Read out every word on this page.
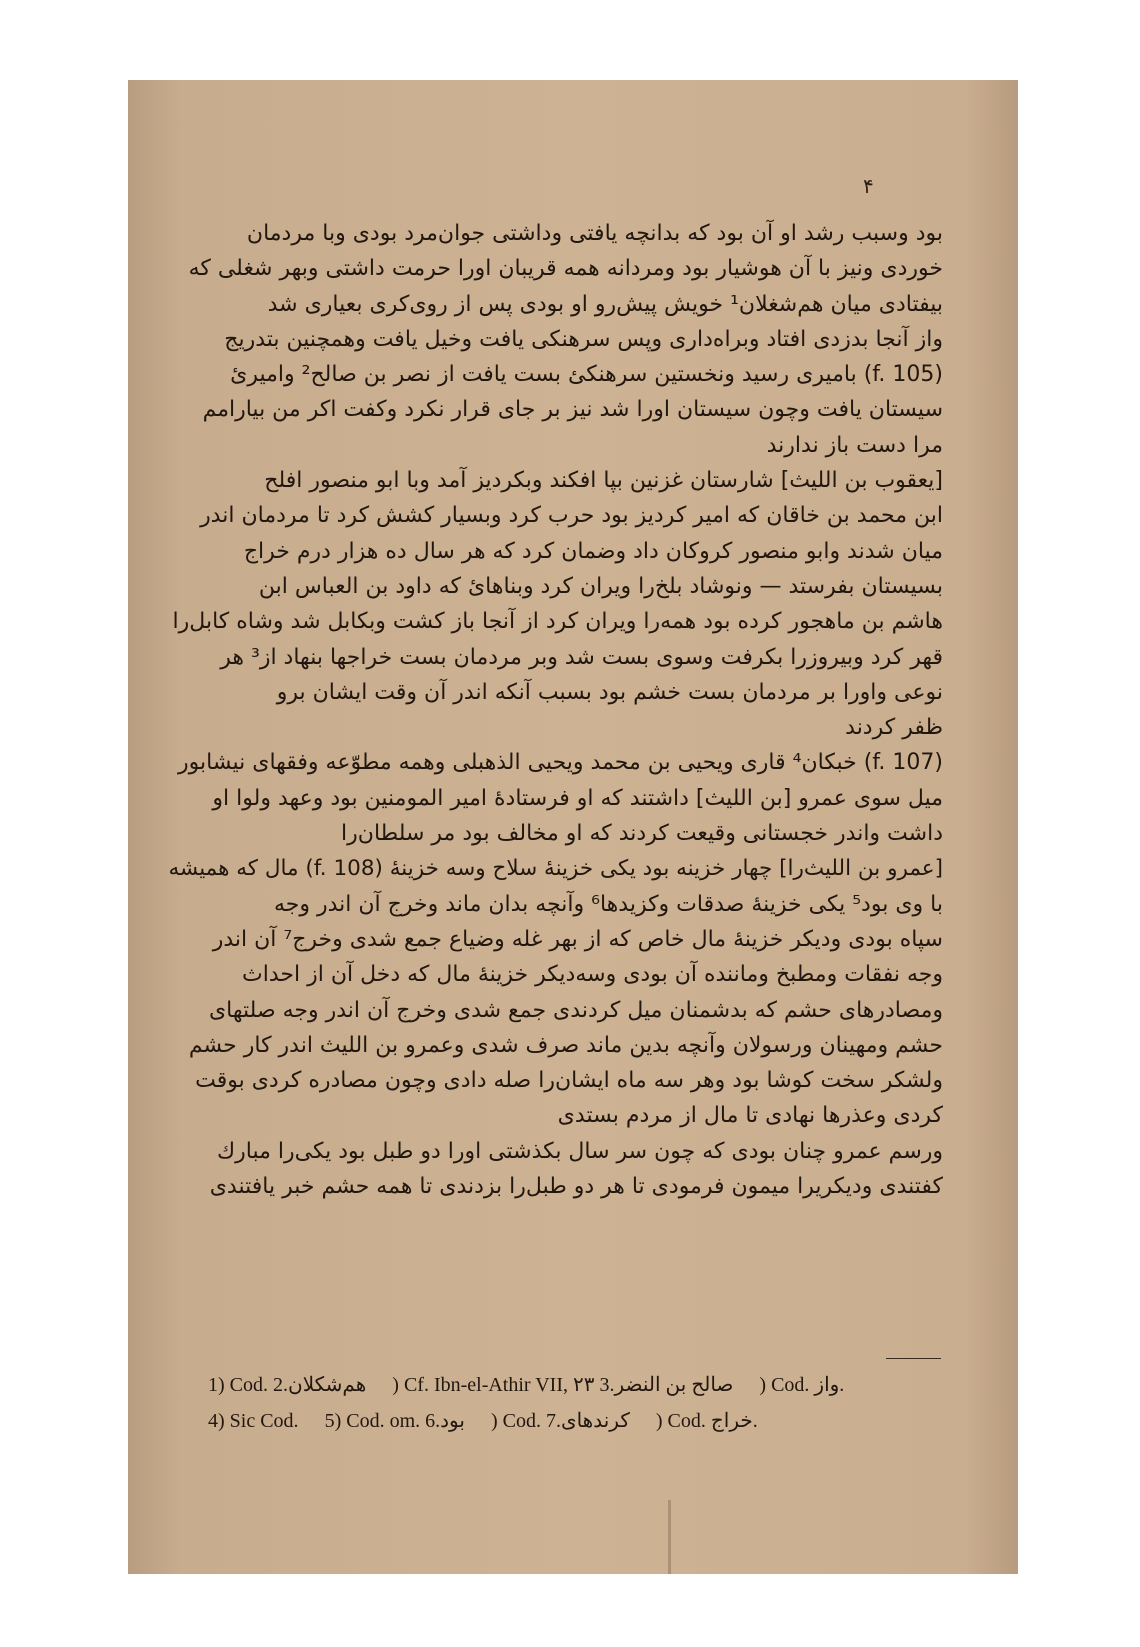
۴
بود وسبب رشد او آن بود که بدانچه یافتی وداشتی جوان‌مرد بودی وبا مردمان
خوردی ونیز با آن هوشیار بود ومردانه همه قریبان اورا حرمت داشتی وبهر شغلی که
بیفتادی میان هم‌شغلان¹ خویش پیش‌رو او بودی پس از روی‌کری بعیاری شد
واز آنجا بدزدی افتاد وبراه‌داری وپس سرهنکی یافت وخیل یافت وهمچنین بتدریج
(f. 105) بامیری رسید ونخستین سرهنکئ بست یافت از نصر بن صالح² وامیرئ
سیستان یافت وچون سیستان اورا شد نیز بر جای قرار نکرد وکفت اکر من بیارامم
مرا دست باز ندارند
[یعقوب بن اللیث] شارستان غزنین بپا افکند وبکردیز آمد وبا ابو منصور افلح
ابن محمد بن خاقان که امیر کردیز بود حرب کرد وبسیار کشش کرد تا مردمان اندر
میان شدند وابو منصور کروکان داد وضمان کرد که هر سال ده هزار درم خراج
بسیستان بفرستد — ونوشاد بلخ‌را ویران کرد وبناهائ که داود بن العباس ابن
هاشم بن ماهجور کرده بود همه‌را ویران کرد از آنجا باز کشت وبکابل شد وشاه کابل‌را
قهر کرد وبیروزرا بکرفت وسوی بست شد وبر مردمان بست خراجها بنهاد از³ هر
نوعی واورا بر مردمان بست خشم بود بسبب آنکه اندر آن وقت ایشان برو
ظفر کردند
(f. 107) خبکان⁴ قاری ویحیی بن محمد ویحیی الذهبلی وهمه مطوّعه وفقهای نیشابور
میل سوی عمرو [بن اللیث] داشتند که او فرستادهٔ امیر المومنین بود وعهد ولوا او
داشت واندر خجستانی وقیعت کردند که او مخالف بود مر سلطان‌را
[عمرو بن اللیث‌را] چهار خزینه بود یکی خزینهٔ سلاح وسه خزینهٔ (f. 108) مال که همیشه
با وی بود⁵ یکی خزینهٔ صدقات وکزیدها⁶ وآنچه بدان ماند وخرج آن اندر وجه
سپاه بودی ودیکر خزینهٔ مال خاص که از بهر غله وضیاع جمع شدی وخرج⁷ آن اندر
وجه نفقات ومطبخ وماننده آن بودی وسه‌دیکر خزینهٔ مال که دخل آن از احداث
ومصادرهای حشم که بدشمنان میل کردندی جمع شدی وخرج آن اندر وجه صلتهای
حشم ومهینان ورسولان وآنچه بدین ماند صرف شدی وعمرو بن اللیث اندر کار حشم
ولشکر سخت کوشا بود وهر سه ماه ایشان‌را صله دادی وچون مصادره کردی بوقت
کردی وعذرها نهادی تا مال از مردم بستدی
ورسم عمرو چنان بودی که چون سر سال بکذشتی اورا دو طبل بود یکی‌را مبارك
کفتندی ودیکریرا میمون فرمودی تا هر دو طبل‌را بزدندی تا همه حشم خبر یافتندی
1) Cod. هم‌شکلان.2) Cf. Ibn-el-Athir VII, ۲۳ صالح بن النضر.3) Cod. واز.
4) Sic Cod. 5) Cod. om. بود.6) Cod. کرندهای.7) Cod. خراج.
